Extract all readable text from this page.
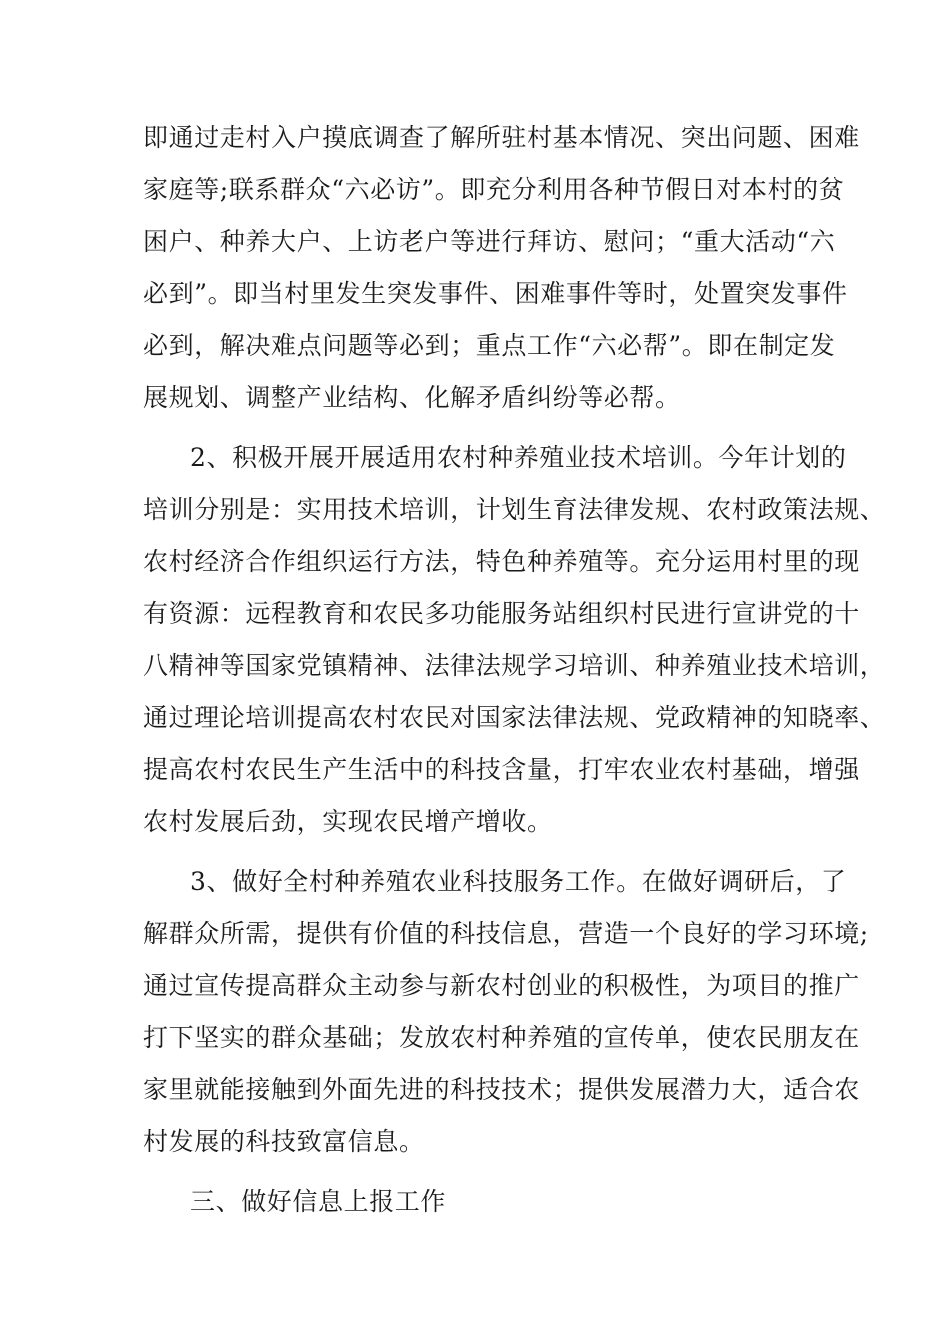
即通过走村入户摸底调查了解所驻村基本情况、突出问题、困难
家庭等;联系群众“六必访”。即充分利用各种节假日对本村的贫
困户、种养大户、上访老户等进行拜访、慰问；“重大活动“六
必到”。即当村里发生突发事件、困难事件等时，处置突发事件
必到，解决难点问题等必到；重点工作“六必帮”。即在制定发
展规划、调整产业结构、化解矛盾纠纷等必帮。
2、积极开展开展适用农村种养殖业技术培训。今年计划的
培训分别是：实用技术培训，计划生育法律发规、农村政策法规、
农村经济合作组织运行方法，特色种养殖等。充分运用村里的现
有资源：远程教育和农民多功能服务站组织村民进行宣讲党的十
八精神等国家党镇精神、法律法规学习培训、种养殖业技术培训，
通过理论培训提高农村农民对国家法律法规、党政精神的知晓率、
提高农村农民生产生活中的科技含量，打牢农业农村基础，增强
农村发展后劲，实现农民增产增收。
3、做好全村种养殖农业科技服务工作。在做好调研后，了
解群众所需，提供有价值的科技信息，营造一个良好的学习环境;
通过宣传提高群众主动参与新农村创业的积极性，为项目的推广
打下坚实的群众基础；发放农村种养殖的宣传单，使农民朋友在
家里就能接触到外面先进的科技技术；提供发展潜力大，适合农
村发展的科技致富信息。
三、做好信息上报工作
